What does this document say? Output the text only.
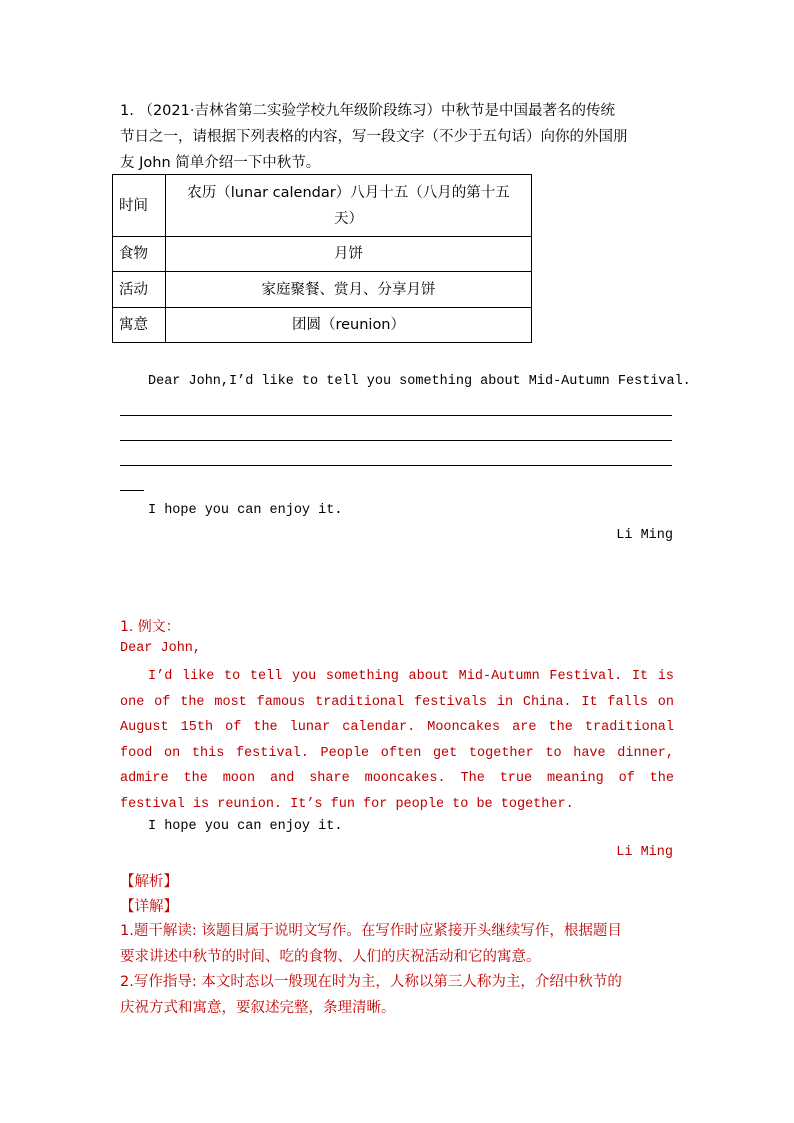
1. （2021·吉林省第二实验学校九年级阶段练习）中秋节是中国最著名的传统
节日之一，请根据下列表格的内容，写一段文字（不少于五句话）向你的外国朋
友 John 简单介绍一下中秋节。
时间	农历（lunar calendar）八月十五（八月的第十五
天）

食物	月饼
活动	家庭聚餐、赏月、分享月饼
寓意	团圆（reunion）
Dear John,I’d like to tell you something about Mid-Autumn Festival.
I hope you can enjoy it.
Li Ming
1. 例文：
Dear John,
I’d like to tell you something about Mid-Autumn Festival. It is one of the most famous traditional festivals in China. It falls on August 15th of the lunar calendar. Mooncakes are the traditional food on this festival. People often get together to have dinner, admire the moon and share mooncakes. The true meaning of the festival is reunion. It’s fun for people to be together.
I hope you can enjoy it.
Li Ming
【解析】
【详解】
1.题干解读: 该题目属于说明文写作。在写作时应紧接开头继续写作，根据题目
要求讲述中秋节的时间、吃的食物、人们的庆祝活动和它的寓意。
2.写作指导: 本文时态以一般现在时为主，人称以第三人称为主，介绍中秋节的
庆祝方式和寓意，要叙述完整，条理清晰。
